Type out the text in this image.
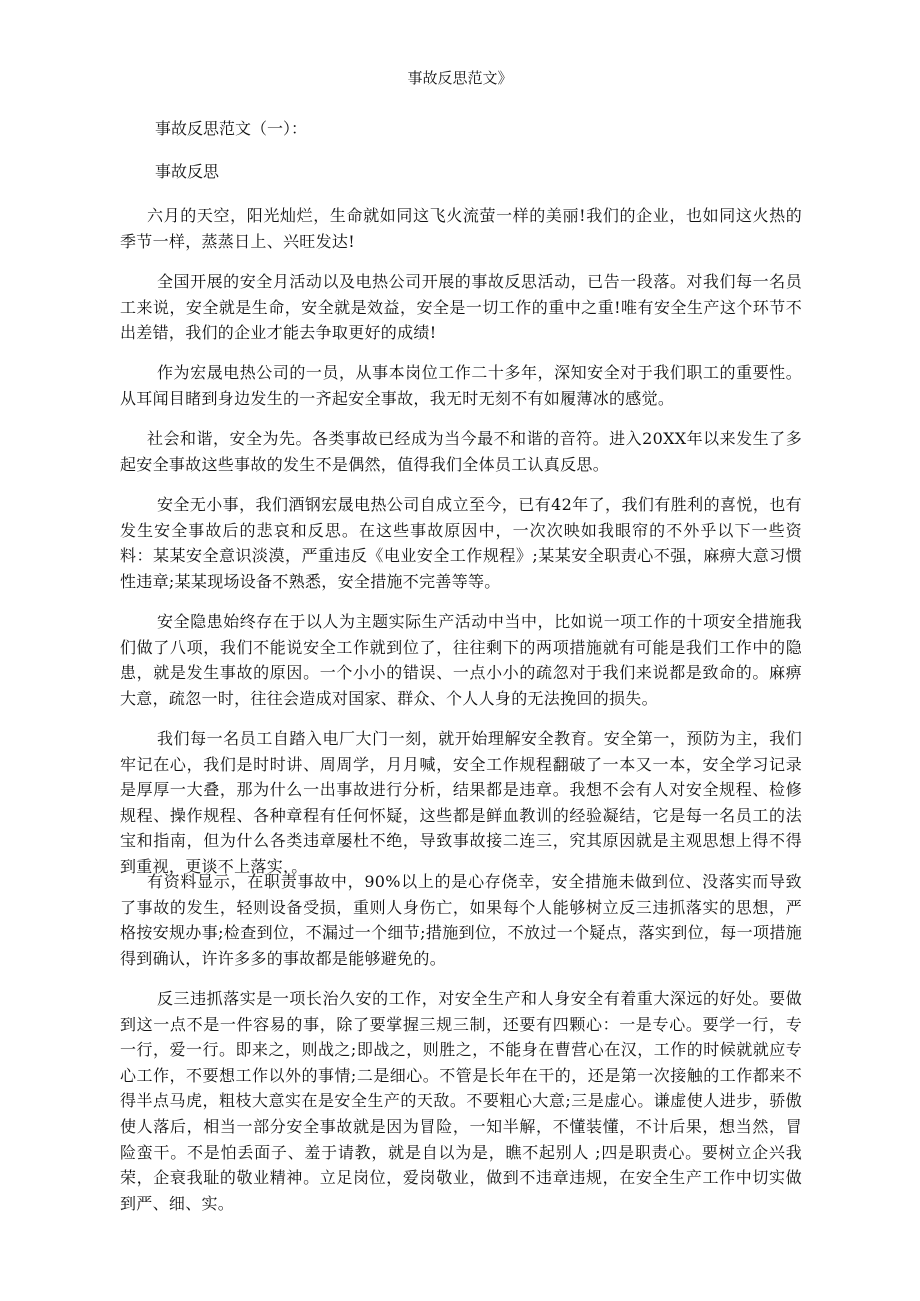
事故反思范文》
事故反思范文（一）：
事故反思

六月的天空，阳光灿烂，生命就如同这飞火流萤一样的美丽!我们的企业，也如同这火热的季节一样，蒸蒸日上、兴旺发达!

全国开展的安全月活动以及电热公司开展的事故反思活动，已告一段落。对我们每一名员工来说，安全就是生命，安全就是效益，安全是一切工作的重中之重!唯有安全生产这个环节不出差错，我们的企业才能去争取更好的成绩!

作为宏晟电热公司的一员，从事本岗位工作二十多年，深知安全对于我们职工的重要性。从耳闻目睹到身边发生的一齐起安全事故，我无时无刻不有如履薄冰的感觉。

社会和谐，安全为先。各类事故已经成为当今最不和谐的音符。进入20XX年以来发生了多起安全事故这些事故的发生不是偶然，值得我们全体员工认真反思。

安全无小事，我们酒钢宏晟电热公司自成立至今，已有42年了，我们有胜利的喜悦，也有发生安全事故后的悲哀和反思。在这些事故原因中，一次次映如我眼帘的不外乎以下一些资料：某某安全意识淡漠，严重违反《电业安全工作规程》;某某安全职责心不强，麻痹大意习惯性违章;某某现场设备不熟悉，安全措施不完善等等。

安全隐患始终存在于以人为主题实际生产活动中当中，比如说一项工作的十项安全措施我们做了八项，我们不能说安全工作就到位了，往往剩下的两项措施就有可能是我们工作中的隐患，就是发生事故的原因。一个小小的错误、一点小小的疏忽对于我们来说都是致命的。麻痹大意，疏忽一时，往往会造成对国家、群众、个人人身的无法挽回的损失。

我们每一名员工自踏入电厂大门一刻，就开始理解安全教育。安全第一，预防为主，我们牢记在心，我们是时时讲、周周学，月月喊，安全工作规程翻破了一本又一本，安全学习记录是厚厚一大叠，那为什么一出事故进行分析，结果都是违章。我想不会有人对安全规程、检修规程、操作规程、各种章程有任何怀疑，这些都是鲜血教训的经验凝结，它是每一名员工的法宝和指南，但为什么各类违章屡杜不绝，导致事故接二连三，究其原因就是主观思想上得不得到重视，更谈不上落实，。

有资料显示，在职责事故中，90%以上的是心存侥幸，安全措施未做到位、没落实而导致了事故的发生，轻则设备受损，重则人身伤亡，如果每个人能够树立反三违抓落实的思想，严格按安规办事;检查到位，不漏过一个细节;措施到位，不放过一个疑点，落实到位，每一项措施得到确认，许许多多的事故都是能够避免的。

反三违抓落实是一项长治久安的工作，对安全生产和人身安全有着重大深远的好处。要做到这一点不是一件容易的事，除了要掌握三规三制，还要有四颗心：一是专心。要学一行，专一行，爱一行。即来之，则战之;即战之，则胜之，不能身在曹营心在汉，工作的时候就就应专心工作，不要想工作以外的事情;二是细心。不管是长年在干的，还是第一次接触的工作都来不得半点马虎，粗枝大意实在是安全生产的天敌。不要粗心大意;三是虚心。谦虚使人进步，骄傲使人落后，相当一部分安全事故就是因为冒险，一知半解，不懂装懂，不计后果，想当然，冒险蛮干。不是怕丢面子、羞于请教，就是自以为是，瞧不起别人 ;四是职责心。要树立企兴我荣，企衰我耻的敬业精神。立足岗位，爱岗敬业，做到不违章违规，在安全生产工作中切实做到严、细、实。
